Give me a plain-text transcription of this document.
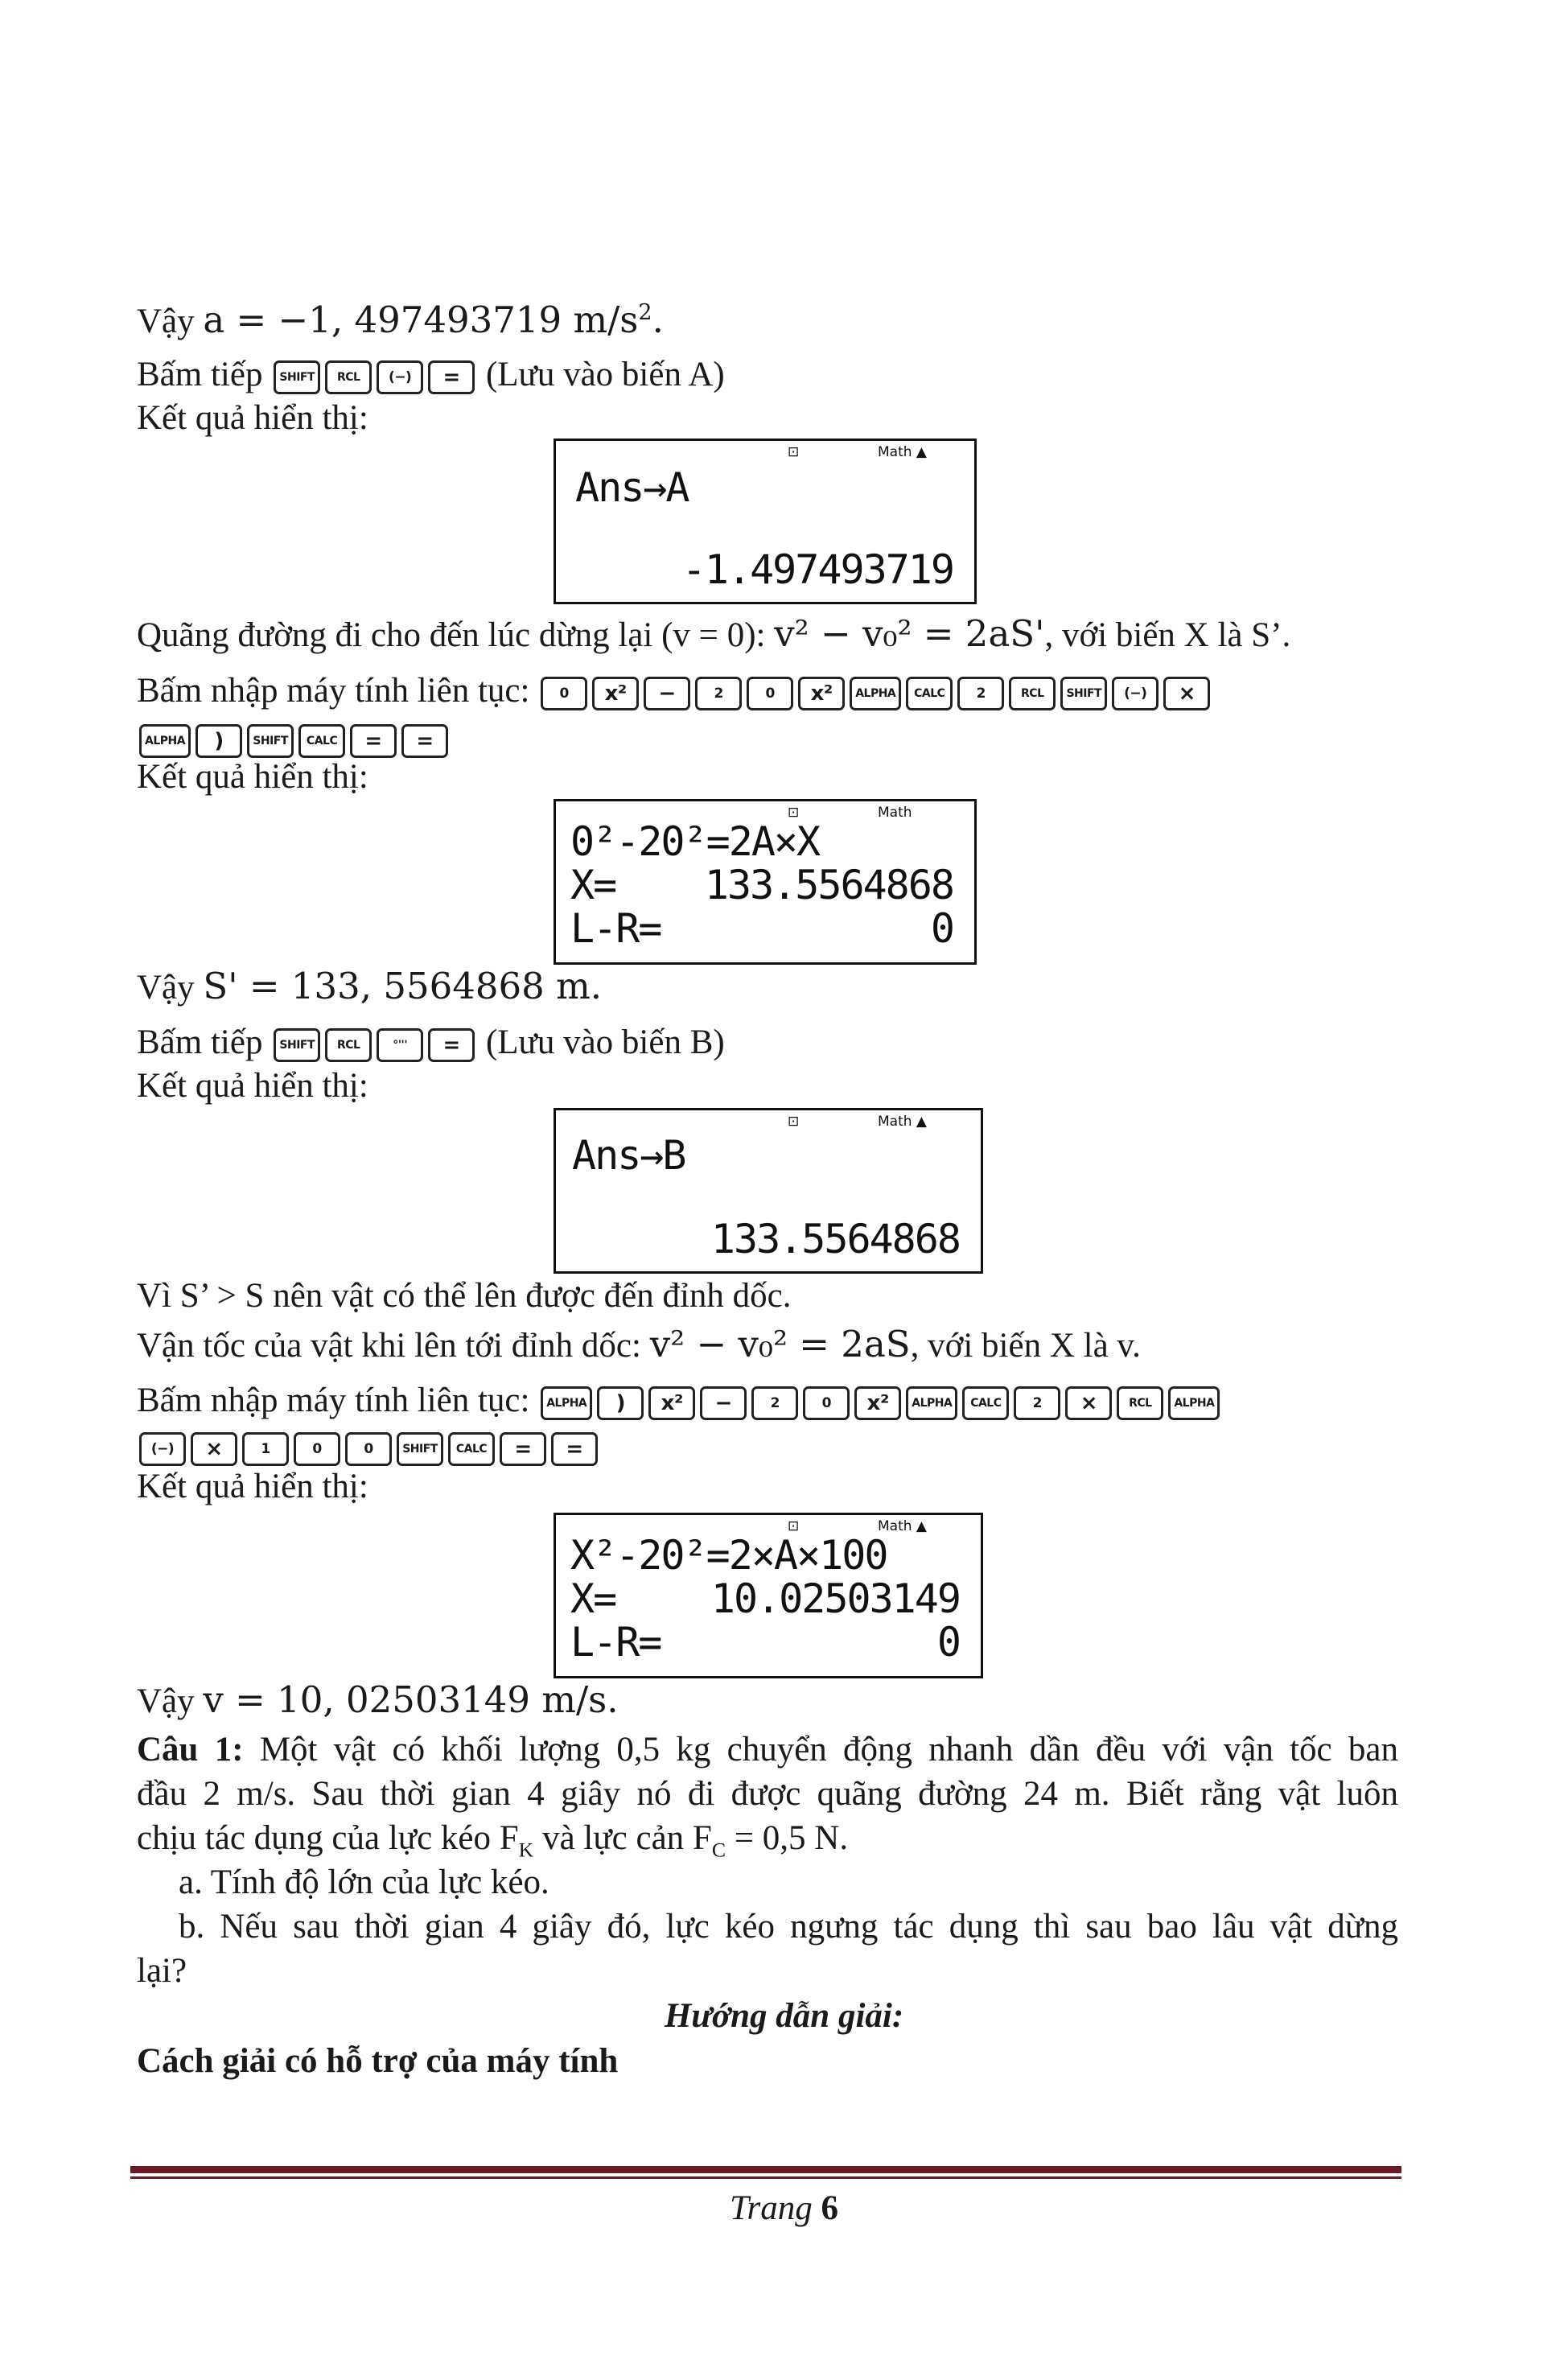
Vậy a = −1, 497493719 $m/s^2$.
Bấm tiếp SHIFT RCL (−) = (Lưu vào biến A)
Kết quả hiển thị:
⊡	Math ▲
Ans→A
-1.497493719
Quãng đường đi cho đến lúc dừng lại (v = 0): v² − v₀² = 2aS', với biến X là S’.
Bấm nhập máy tính liên tục: 0 x² −	2	0 x² ALPHA CALC 2	RCL SHIFT (−) ×
ALPHA )	SHIFT CALC = =
Kết quả hiển thị:
⊡	Math
0²-20²=2A×X
X= 133.5564868
L-R=	0
Vậy S' = 133, 5564868 m.
Bấm tiếp SHIFT RCL	°''' = (Lưu vào biến B)
Kết quả hiển thị:
⊡	Math ▲
Ans→B
133.5564868
Vì S’ > S nên vật có thể lên được đến đỉnh dốc.
Vận tốc của vật khi lên tới đỉnh dốc: v² − v₀² = 2aS, với biến X là v.
Bấm nhập máy tính liên tục: ALPHA ) x² −	2	0 x² ALPHA CALC 2 ×	RCL ALPHA
(−) ×	1	0	0	SHIFT CALC = =
Kết quả hiển thị:
⊡	Math ▲
X²-20²=2×A×100
X= 10.02503149
L-R=	0
Vậy v = 10, 02503149 m/s.
Câu 1: Một vật có khối lượng 0,5 kg chuyển động nhanh dần đều với vận tốc ban
đầu 2 m/s. Sau thời gian 4 giây nó đi được quãng đường 24 m. Biết rằng vật luôn
chịu tác dụng của lực kéo $F_K$ và lực cản $F_C = 0,5$ N.
a. Tính độ lớn của lực kéo.
b. Nếu sau thời gian 4 giây đó, lực kéo ngưng tác dụng thì sau bao lâu vật dừng
lại?
Hướng dẫn giải:
Cách giải có hỗ trợ của máy tính
Trang 6
